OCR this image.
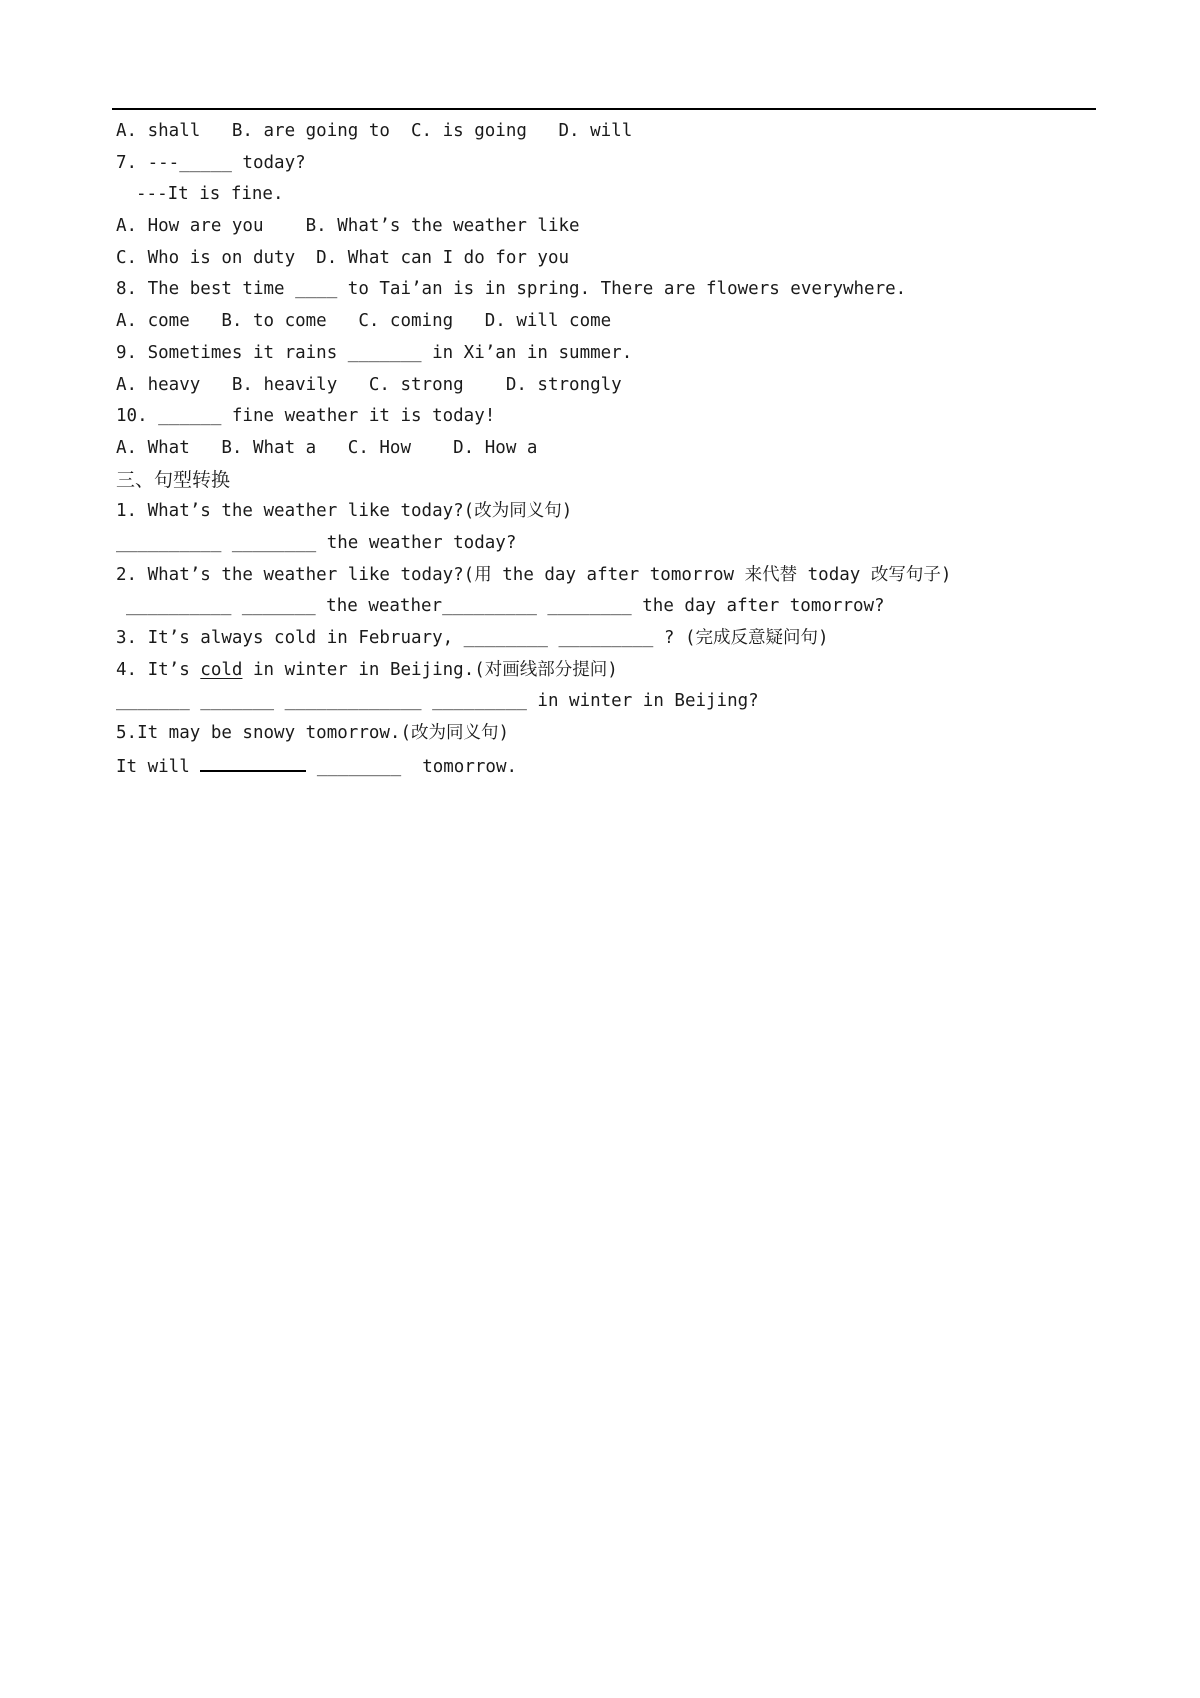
A. shall   B. are going to  C. is going   D. will
7. ---_____ today?
---It is fine.
A. How are you    B. What’s the weather like
C. Who is on duty  D. What can I do for you
8. The best time ____ to Tai’an is in spring. There are flowers everywhere.
A. come   B. to come   C. coming   D. will come
9. Sometimes it rains _______ in Xi’an in summer.
A. heavy   B. heavily   C. strong    D. strongly
10. ______ fine weather it is today!
A. What   B. What a   C. How    D. How a
三、句型转换
1. What’s the weather like today?(改为同义句)
__________ ________ the weather today?
2. What’s the weather like today?(用 the day after tomorrow 来代替 today 改写句子)
__________ _______ the weather_________ ________ the day after tomorrow?
3. It’s always cold in February, ________ _________ ? (完成反意疑问句)
4. It’s cold in winter in Beijing.(对画线部分提问)
_______ _______ _____________ _________ in winter in Beijing?
5.It may be snowy tomorrow.(改为同义句)
It will	________  tomorrow.
